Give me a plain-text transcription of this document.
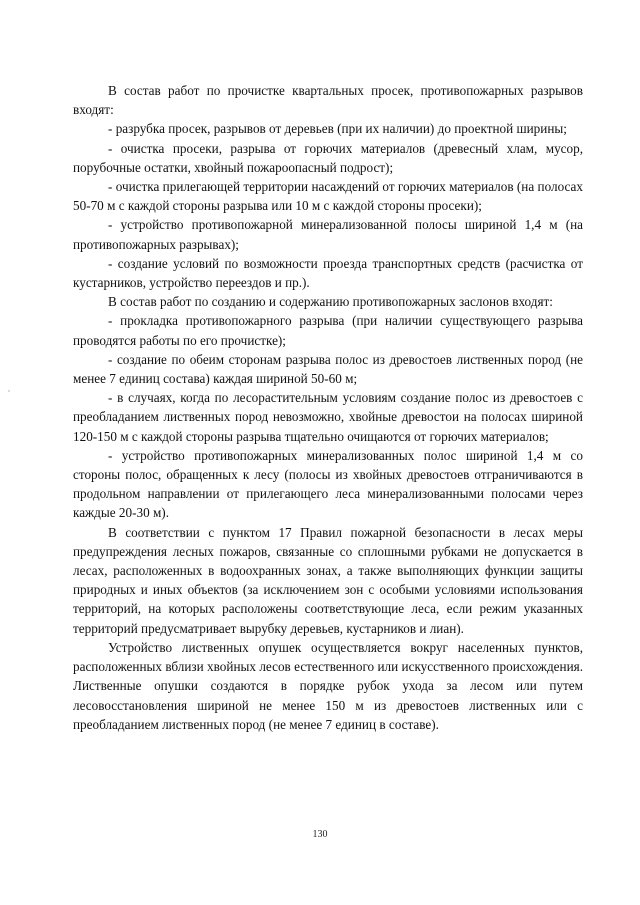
В состав работ по прочистке квартальных просек, противопожарных разрывов входят:

- разрубка просек, разрывов от деревьев (при их наличии) до проектной ширины;

- очистка просеки, разрыва от горючих материалов (древесный хлам, мусор, порубочные остатки, хвойный пожароопасный подрост);

- очистка прилегающей территории насаждений от горючих материалов (на полосах 50-70 м с каждой стороны разрыва или 10 м с каждой стороны просеки);

- устройство противопожарной минерализованной полосы шириной 1,4 м (на противопожарных разрывах);

- создание условий по возможности проезда транспортных средств (расчистка от кустарников, устройство переездов и пр.).

В состав работ по созданию и содержанию противопожарных заслонов входят:

- прокладка противопожарного разрыва (при наличии существующего разрыва проводятся работы по его прочистке);

- создание по обеим сторонам разрыва полос из древостоев лиственных пород (не менее 7 единиц состава) каждая шириной 50-60 м;

- в случаях, когда по лесорастительным условиям создание полос из древостоев с преобладанием лиственных пород невозможно, хвойные древостои на полосах шириной 120-150 м с каждой стороны разрыва тщательно очищаются от горючих материалов;

- устройство противопожарных минерализованных полос шириной 1,4 м со стороны полос, обращенных к лесу (полосы из хвойных древостоев отграничиваются в продольном направлении от прилегающего леса минерализованными полосами через каждые 20-30 м).

В соответствии с пунктом 17 Правил пожарной безопасности в лесах меры предупреждения лесных пожаров, связанные со сплошными рубками не допускается в лесах, расположенных в водоохранных зонах, а также выполняющих функции защиты природных и иных объектов (за исключением зон с особыми условиями использования территорий, на которых расположены соответствующие леса, если режим указанных территорий предусматривает вырубку деревьев, кустарников и лиан).

Устройство лиственных опушек осуществляется вокруг населенных пунктов, расположенных вблизи хвойных лесов естественного или искусственного происхождения. Лиственные опушки создаются в порядке рубок ухода за лесом или путем лесовосстановления шириной не менее 150 м из древостоев лиственных или с преобладанием лиственных пород (не менее 7 единиц в составе).

130
